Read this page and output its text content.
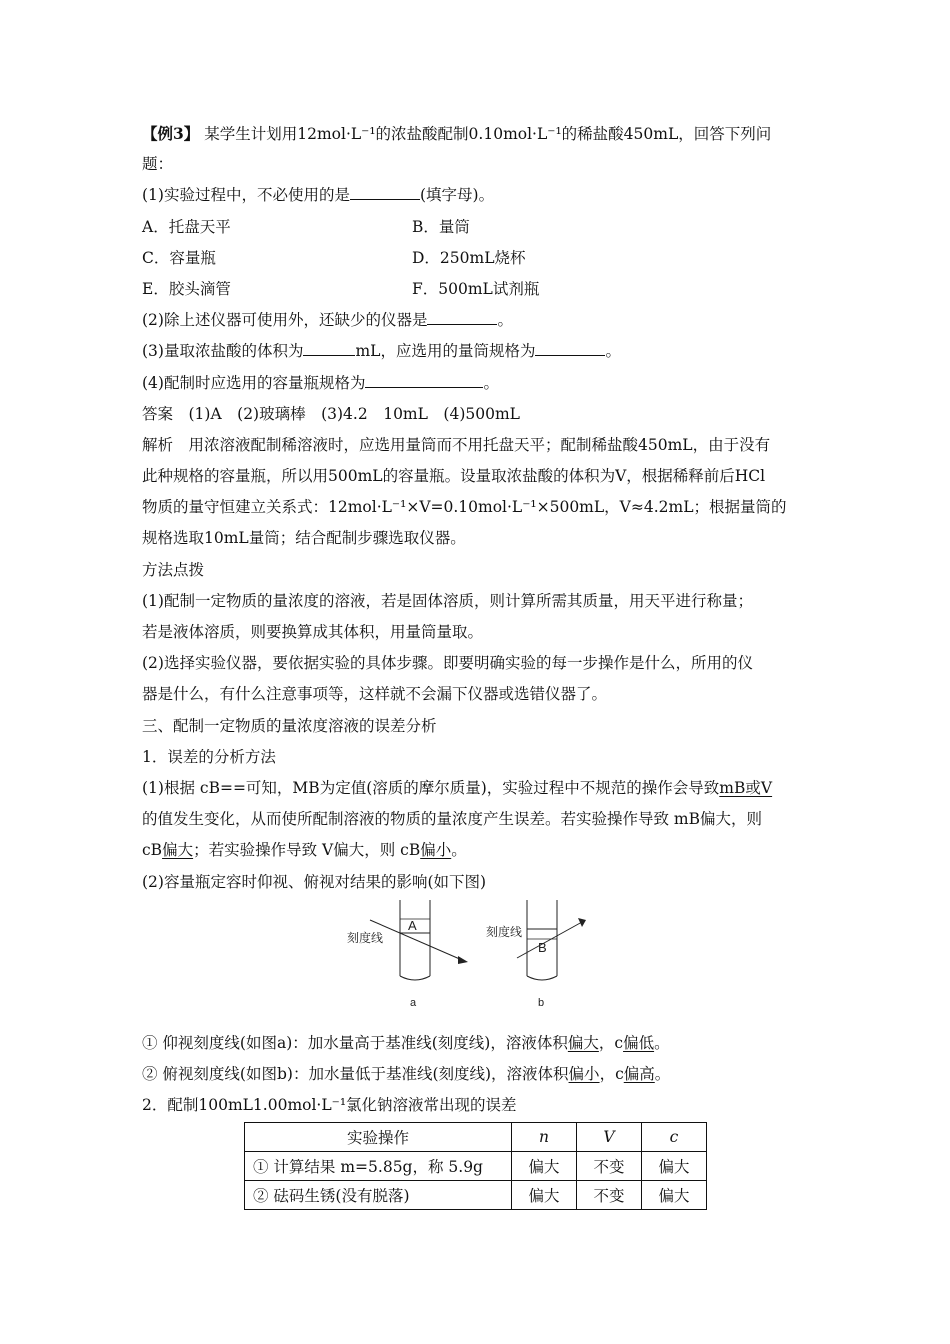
【例3】 某学生计划用12mol·L⁻¹的浓盐酸配制0.10mol·L⁻¹的稀盐酸450mL，回答下列问
题：
(1)实验过程中，不必使用的是	(填字母)。
A．托盘天平	B．量筒
C．容量瓶	D．250mL烧杯
E．胶头滴管	F．500mL试剂瓶
(2)除上述仪器可使用外，还缺少的仪器是	。
(3)量取浓盐酸的体积为	mL，应选用的量筒规格为	。
(4)配制时应选用的容量瓶规格为	。
答案　(1)A　(2)玻璃棒　(3)4.2　10mL　(4)500mL
解析　用浓溶液配制稀溶液时，应选用量筒而不用托盘天平；配制稀盐酸450mL，由于没有
此种规格的容量瓶，所以用500mL的容量瓶。设量取浓盐酸的体积为V，根据稀释前后HCl
物质的量守恒建立关系式：12mol·L⁻¹×V=0.10mol·L⁻¹×500mL，V≈4.2mL；根据量筒的
规格选取10mL量筒；结合配制步骤选取仪器。
方法点拨
(1)配制一定物质的量浓度的溶液，若是固体溶质，则计算所需其质量，用天平进行称量；
若是液体溶质，则要换算成其体积，用量筒量取。
(2)选择实验仪器，要依据实验的具体步骤。即要明确实验的每一步操作是什么，所用的仪
器是什么，有什么注意事项等，这样就不会漏下仪器或选错仪器了。
三、配制一定物质的量浓度溶液的误差分析
1．误差的分析方法
(1)根据 cB==可知，MB为定值(溶质的摩尔质量)，实验过程中不规范的操作会导致mB或V
的值发生变化，从而使所配制溶液的物质的量浓度产生误差。若实验操作导致 mB偏大，则
cB偏大；若实验操作导致 V偏大，则 cB偏小。
(2)容量瓶定容时仰视、俯视对结果的影响(如下图)
刻度线
A
a
刻度线
B
b
① 仰视刻度线(如图a)：加水量高于基准线(刻度线)，溶液体积偏大，c偏低。
② 俯视刻度线(如图b)：加水量低于基准线(刻度线)，溶液体积偏小，c偏高。
2．配制100mL1.00mol·L⁻¹氯化钠溶液常出现的误差
实验操作	n	V	c
① 计算结果 m=5.85g，称 5.9g	偏大	不变	偏大
② 砝码生锈(没有脱落)	偏大	不变	偏大
